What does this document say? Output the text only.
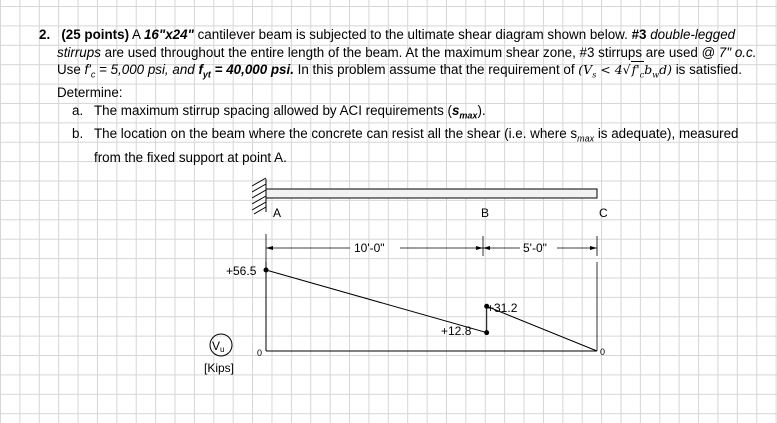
2. (25 points) A 16"x24" cantilever beam is subjected to the ultimate shear diagram shown below. #3 double-legged stirrups are used throughout the entire length of the beam. At the maximum shear zone, #3 stirrups are used @ 7" o.c. Use $f'_c = 5,000$ psi, and $f_{yt} = 40,000$ psi. In this problem assume that the requirement of $(V_s < 4√f'_cb_wd)$ is satisfied. Determine:

a. The maximum stirrup spacing allowed by ACI requirements $(s_{max})$.
b. The location on the beam where the concrete can resist all the shear (i.e. where $s_{max}$ is adequate), measured from the fixed support at point A.
A	B	C
10'-0"	5'-0"
+56.5
+31.2
+12.8
0	0
Vu
[Kips]
